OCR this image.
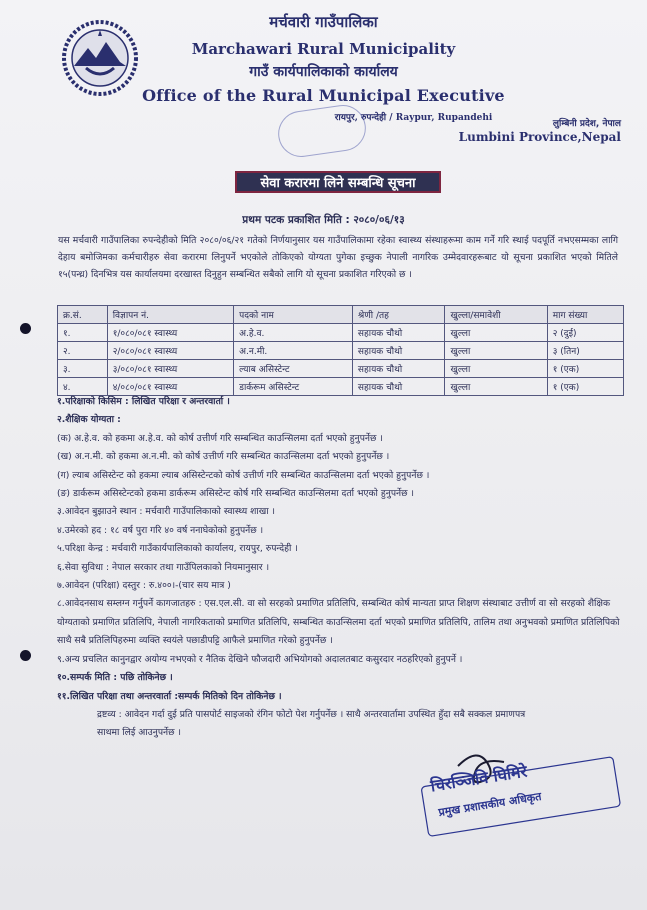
मर्चवारी गाउँपालिका
Marchawari Rural Municipality
गाउँ कार्यपालिकाको कार्यालय
Office of the Rural Municipal Executive
रायपुर, रुपन्देही / Raypur, Rupandehi
लुम्बिनी प्रदेश, नेपाल
Lumbini Province,Nepal
सेवा करारमा लिने सम्बन्धि सूचना
प्रथम पटक प्रकाशित मिति : २०८०/०६/१३
यस मर्चवारी गाउँपालिका रुपन्देहीको मिति २०८०/०६/२१ गतेको निर्णयानुसार यस गाउँपालिकामा रहेका स्वास्थ्य संस्थाहरूमा काम गर्ने गरि स्थाई पदपूर्ति नभएसम्मका लागि देहाय बमोजिमका कर्मचारीहरु सेवा करारमा लिनुपर्ने भएकोले तोकिएको योग्यता पुगेका इच्छुक नेपाली नागरिक उम्मेदवारहरूबाट यो सूचना प्रकाशित भएको मितिले १५(पन्ध्र) दिनभित्र यस कार्यालयमा दरखास्त दिनुहुन सम्बन्धित सबैको लागि यो सूचना प्रकाशित गरिएको छ ।
क्र.सं.	विज्ञापन नं.	पदको नाम	श्रेणी /तह	खुल्ला/समावेशी	माग संख्या
१.	१/०८०/०८१ स्वास्थ्य	अ.हे.व.	सहायक चौथो	खुल्ला	२ (दुई)
२.	२/०८०/०८१ स्वास्थ्य	अ.न.मी.	सहायक चौथो	खुल्ला	३ (तिन)
३.	३/०८०/०८१ स्वास्थ्य	ल्याब असिस्टेन्ट	सहायक चौथो	खुल्ला	१ (एक)
४.	४/०८०/०८१ स्वास्थ्य	डार्करूम असिस्टेन्ट	सहायक चौथो	खुल्ला	१ (एक)
१.परिक्षाको किसिम : लिखित परिक्षा र अन्तरवार्ता ।
२.शैक्षिक योग्यता :
(क) अ.हे.व. को हकमा अ.हे.व. को कोर्ष उत्तीर्ण गरि सम्बन्धित काउन्सिलमा दर्ता भएको हुनुपर्नेछ ।
(ख) अ.न.मी. को हकमा अ.न.मी. को कोर्ष उत्तीर्ण गरि सम्बन्धित काउन्सिलमा दर्ता भएको हुनुपर्नेछ ।
(ग) ल्याब असिस्टेन्ट को हकमा ल्याब असिस्टेन्टको कोर्ष उत्तीर्ण गरि सम्बन्धित काउन्सिलमा दर्ता भएको हुनुपर्नेछ ।
(ङ) डार्करूम असिस्टेन्टको हकमा डार्करूम असिस्टेन्ट कोर्ष गरि सम्बन्धित काउन्सिलमा दर्ता भएको हुनुपर्नेछ ।
३.आवेदन बुझाउने स्थान : मर्चवारी गाउँपालिकाको स्वास्थ्य शाखा ।
४.उमेरको हद : १८ वर्ष पुरा गरि ४० वर्ष ननाघेकोको हुनुपर्नेछ ।
५.परिक्षा केन्द्र : मर्चवारी गाउँकार्यपालिकाको कार्यालय, रायपुर, रुपन्देही ।
६.सेवा सुविधा : नेपाल सरकार तथा गाउँपिलकाको नियमानुसार ।
७.आवेदन (परिक्षा) दस्तुर : रु.४००।-(चार सय मात्र )
८.आवेदनसाथ सम्लग्न गर्नुपर्ने कागजातहरु : एस.एल.सी. वा सो सरहको प्रमाणित प्रतिलिपि, सम्बन्धित कोर्ष मान्यता प्राप्त शिक्षण संस्थाबाट उत्तीर्ण वा सो सरहको शैक्षिक योग्यताको प्रमाणित प्रतिलिपि, नेपाली नागरिकताको प्रमाणित प्रतिलिपि, सम्बन्धित काउन्सिलमा दर्ता भएको प्रमाणित प्रतिलिपि, तालिम तथा अनुभवको प्रमाणित प्रतिलिपिको साथै सबै प्रतिलिपिहरुमा व्यक्ति स्वयंले पछाडीपट्टि आफैले प्रमाणित गरेको हुनुपर्नेछ ।
९.अन्य प्रचलित कानुनद्वार अयोग्य नभएको र नैतिक देखिने फौजदारी अभियोगको अदालतबाट कसुरदार नठहरिएको हुनुपर्ने ।
१०.सम्पर्क मिति : पछि तोकिनेछ ।
११.लिखित परिक्षा तथा अन्तरवार्ता :सम्पर्क मितिको दिन तोकिनेछ ।
द्रष्टव्य : आवेदन गर्दा दुई प्रति पासपोर्ट साइजको रंगिन फोटो पेश गर्नुपर्नेछ । साथै अन्तरवार्तामा उपस्थित हुँदा सबै सक्कल प्रमाणपत्र साथमा लिई आउनुपर्नेछ ।
चिरञ्जिवि घिमिरे
प्रमुख प्रशासकीय अधिकृत
